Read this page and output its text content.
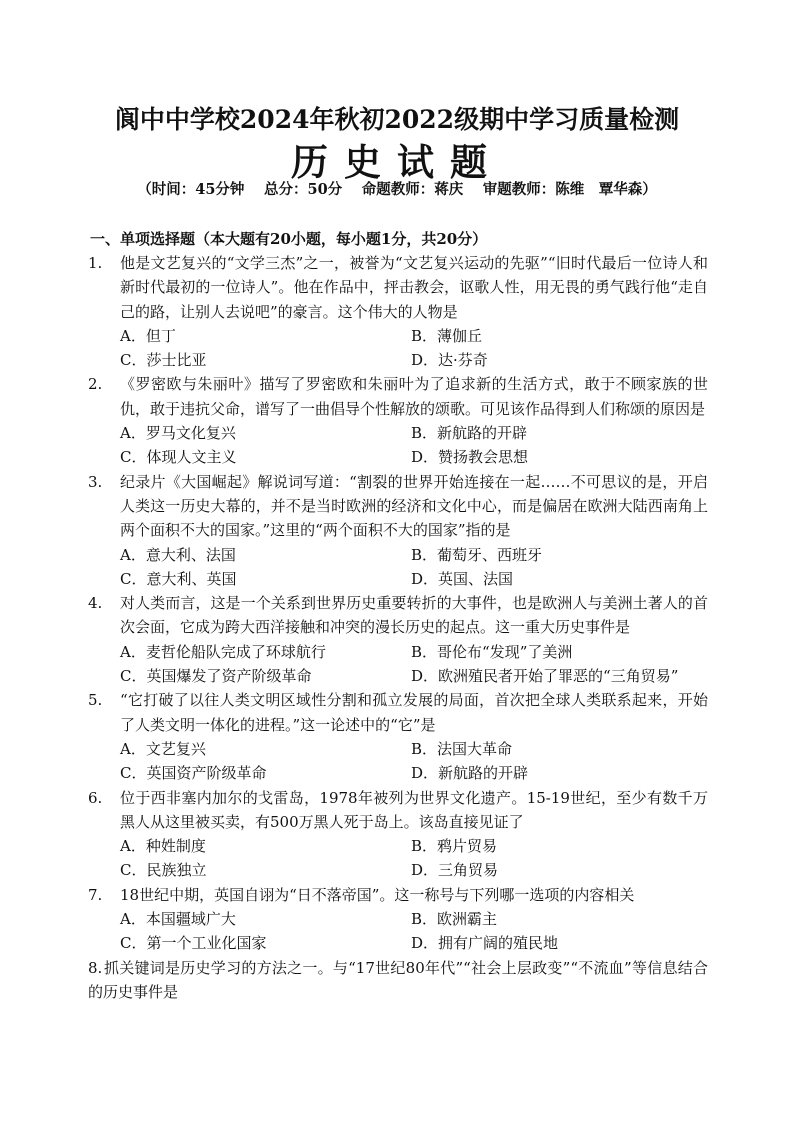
阆中中学校2024年秋初2022级期中学习质量检测
历史试题
（时间：45分钟　 总分：50分　 命题教师：蒋庆　 审题教师：陈维　覃华森）
一、单项选择题（本大题有20小题，每小题1分，共20分）
1.	他是文艺复兴的“文学三杰”之一，被誉为“文艺复兴运动的先驱”“旧时代最后一位诗人和新时代最初的一位诗人”。他在作品中，抨击教会，讴歌人性，用无畏的勇气践行他“走自己的路，让别人去说吧”的豪言。这个伟大的人物是
A．但丁	B．薄伽丘
C．莎士比亚	D．达·芬奇
2.	《罗密欧与朱丽叶》描写了罗密欧和朱丽叶为了追求新的生活方式，敢于不顾家族的世仇，敢于违抗父命，谱写了一曲倡导个性解放的颂歌。可见该作品得到人们称颂的原因是
A．罗马文化复兴	B．新航路的开辟
C．体现人文主义	D．赞扬教会思想
3.	纪录片《大国崛起》解说词写道：“割裂的世界开始连接在一起……不可思议的是，开启人类这一历史大幕的，并不是当时欧洲的经济和文化中心，而是偏居在欧洲大陆西南角上两个面积不大的国家。”这里的“两个面积不大的国家”指的是
A．意大利、法国	B．葡萄牙、西班牙
C．意大利、英国	D．英国、法国
4.	对人类而言，这是一个关系到世界历史重要转折的大事件，也是欧洲人与美洲土著人的首次会面，它成为跨大西洋接触和冲突的漫长历史的起点。这一重大历史事件是
A．麦哲伦船队完成了环球航行	B．哥伦布“发现”了美洲
C．英国爆发了资产阶级革命	D．欧洲殖民者开始了罪恶的“三角贸易”
5.	“它打破了以往人类文明区域性分割和孤立发展的局面，首次把全球人类联系起来，开始了人类文明一体化的进程。”这一论述中的“它”是
A．文艺复兴	B．法国大革命
C．英国资产阶级革命	D．新航路的开辟
6.	位于西非塞内加尔的戈雷岛，1978年被列为世界文化遗产。15-19世纪，至少有数千万黑人从这里被买卖，有500万黑人死于岛上。该岛直接见证了
A．种姓制度	B．鸦片贸易
C．民族独立	D．三角贸易
7.	18世纪中期，英国自诩为“日不落帝国”。这一称号与下列哪一选项的内容相关
A．本国疆域广大	B．欧洲霸主
C．第一个工业化国家	D．拥有广阔的殖民地
8. 抓关键词是历史学习的方法之一。与“17世纪80年代”“社会上层政变”“不流血”等信息结合的历史事件是
